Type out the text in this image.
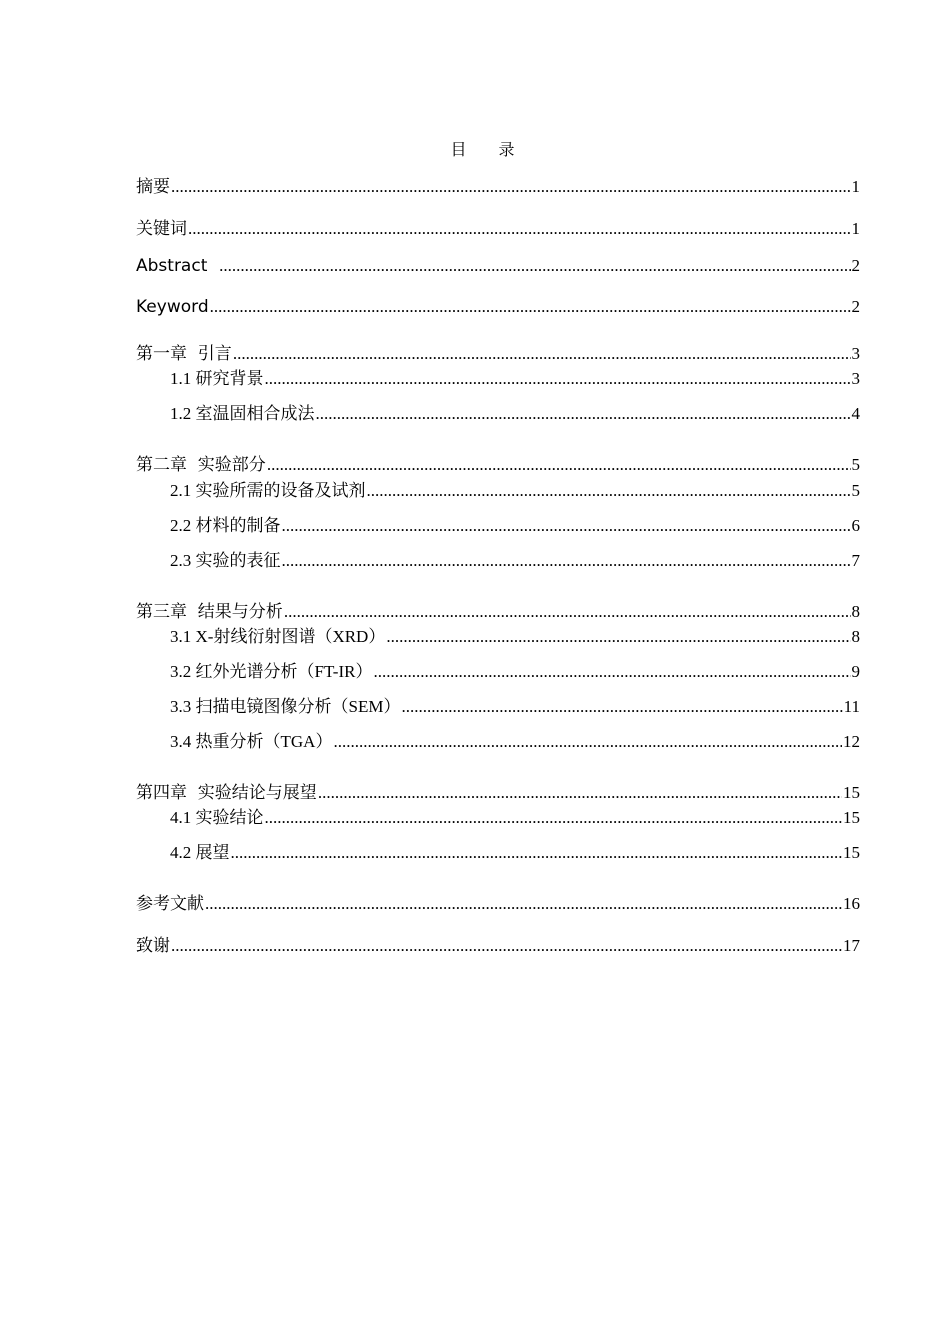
目录
摘要 .....	1
关键词 .....	1
Abstract .....	2
Keyword .....	2
第一章  引言 .....	3
1.1 研究背景 .....	3
1.2 室温固相合成法 .....	4
第二章  实验部分 .....	5
2.1 实验所需的设备及试剂 .....	5
2.2 材料的制备 .....	6
2.3 实验的表征 .....	7
第三章  结果与分析 .....	8
3.1 X-射线衍射图谱（XRD） .....	8
3.2 红外光谱分析（FT-IR） .....	9
3.3 扫描电镜图像分析（SEM） .....	11
3.4 热重分析（TGA） .....	12
第四章  实验结论与展望 .....	15
4.1 实验结论 .....	15
4.2 展望 .....	15
参考文献 .....	16
致谢 .....	17
